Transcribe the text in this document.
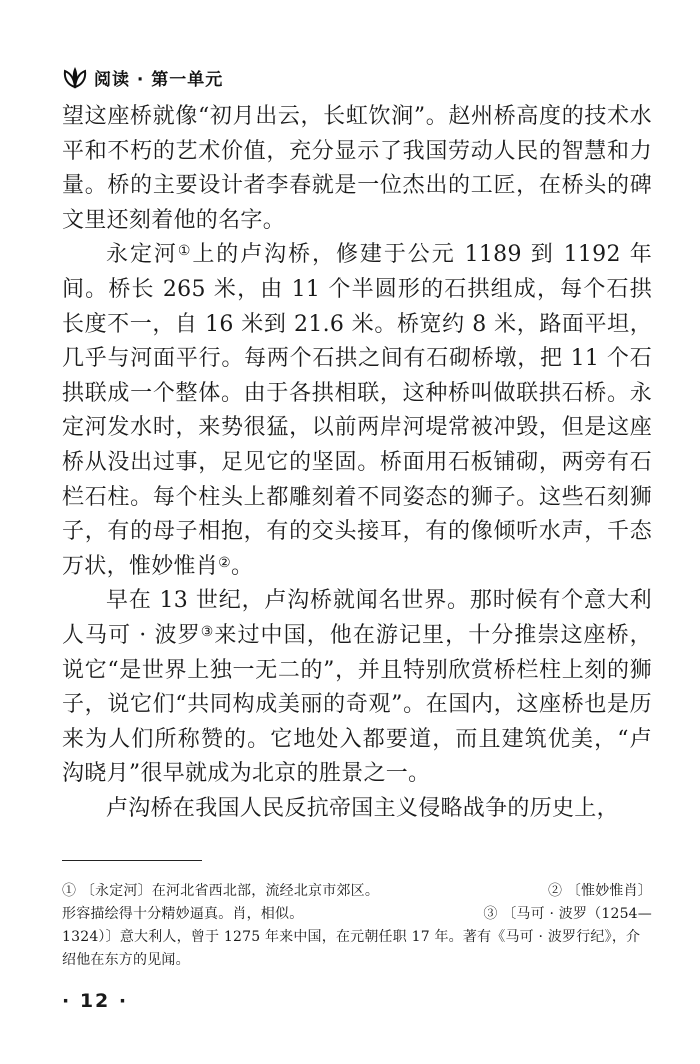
阅读 · 第一单元

望这座桥就像“初月出云，长虹饮涧”。赵州桥高度的技术水平和不朽的艺术价值，充分显示了我国劳动人民的智慧和力量。桥的主要设计者李春就是一位杰出的工匠，在桥头的碑文里还刻着他的名字。

永定河①上的卢沟桥，修建于公元 1189 到 1192 年间。桥长 265 米，由 11 个半圆形的石拱组成，每个石拱长度不一，自 16 米到 21.6 米。桥宽约 8 米，路面平坦，几乎与河面平行。每两个石拱之间有石砌桥墩，把 11 个石拱联成一个整体。由于各拱相联，这种桥叫做联拱石桥。永定河发水时，来势很猛，以前两岸河堤常被冲毁，但是这座桥从没出过事，足见它的坚固。桥面用石板铺砌，两旁有石栏石柱。每个柱头上都雕刻着不同姿态的狮子。这些石刻狮子，有的母子相抱，有的交头接耳，有的像倾听水声，千态万状，惟妙惟肖②。

早在 13 世纪，卢沟桥就闻名世界。那时候有个意大利人马可 · 波罗③来过中国，他在游记里，十分推崇这座桥，说它“是世界上独一无二的”，并且特别欣赏桥栏柱上刻的狮子，说它们“共同构成美丽的奇观”。在国内，这座桥也是历来为人们所称赞的。它地处入都要道，而且建筑优美，“卢沟晓月”很早就成为北京的胜景之一。

卢沟桥在我国人民反抗帝国主义侵略战争的历史上，

① 〔永定河〕在河北省西北部，流经北京市郊区。	② 〔惟妙惟肖〕
形容描绘得十分精妙逼真。肖，相似。	③ 〔马可 · 波罗（1254—

1324）〕意大利人，曾于 1275 年来中国，在元朝任职 17 年。著有《马可 · 波罗行纪》，介绍他在东方的见闻。

· 12 ·
